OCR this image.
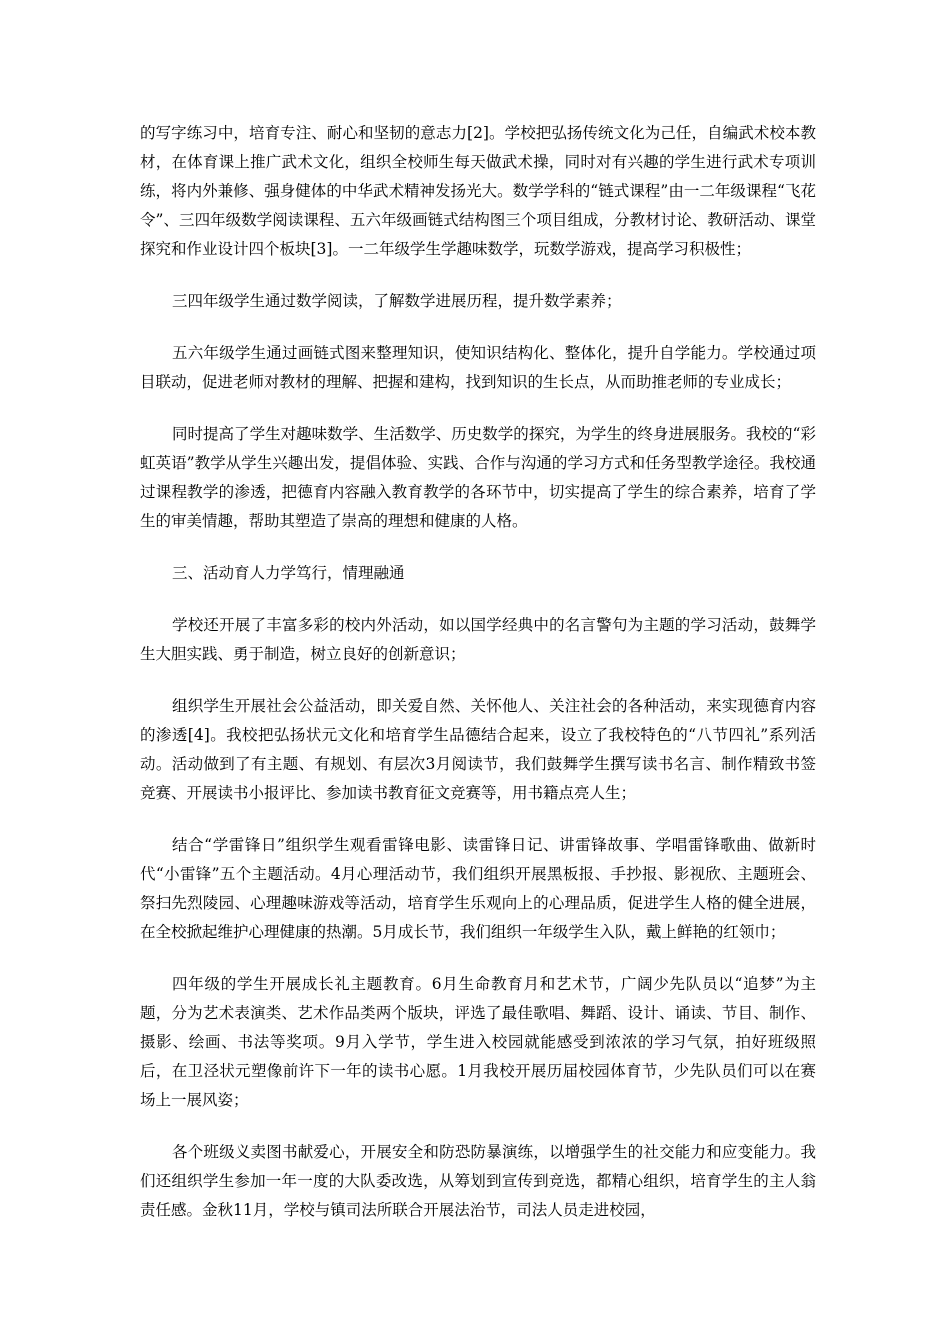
的写字练习中，培育专注、耐心和坚韧的意志力[2]。学校把弘扬传统文化为己任，自编武术校本教材，在体育课上推广武术文化，组织全校师生每天做武术操，同时对有兴趣的学生进行武术专项训练，将内外兼修、强身健体的中华武术精神发扬光大。数学学科的“链式课程”由一二年级课程“飞花令”、三四年级数学阅读课程、五六年级画链式结构图三个项目组成，分教材讨论、教研活动、课堂探究和作业设计四个板块[3]。一二年级学生学趣味数学，玩数学游戏，提高学习积极性；

三四年级学生通过数学阅读，了解数学进展历程，提升数学素养；

五六年级学生通过画链式图来整理知识，使知识结构化、整体化，提升自学能力。学校通过项目联动，促进老师对教材的理解、把握和建构，找到知识的生长点，从而助推老师的专业成长；

同时提高了学生对趣味数学、生活数学、历史数学的探究，为学生的终身进展服务。我校的“彩虹英语”教学从学生兴趣出发，提倡体验、实践、合作与沟通的学习方式和任务型教学途径。我校通过课程教学的渗透，把德育内容融入教育教学的各环节中，切实提高了学生的综合素养，培育了学生的审美情趣，帮助其塑造了崇高的理想和健康的人格。

三、活动育人力学笃行，情理融通

学校还开展了丰富多彩的校内外活动，如以国学经典中的名言警句为主题的学习活动，鼓舞学生大胆实践、勇于制造，树立良好的创新意识；

组织学生开展社会公益活动，即关爱自然、关怀他人、关注社会的各种活动，来实现德育内容的渗透[4]。我校把弘扬状元文化和培育学生品德结合起来，设立了我校特色的“八节四礼”系列活动。活动做到了有主题、有规划、有层次3月阅读节，我们鼓舞学生撰写读书名言、制作精致书签竞赛、开展读书小报评比、参加读书教育征文竞赛等，用书籍点亮人生；

结合“学雷锋日”组织学生观看雷锋电影、读雷锋日记、讲雷锋故事、学唱雷锋歌曲、做新时代“小雷锋”五个主题活动。4月心理活动节，我们组织开展黑板报、手抄报、影视欣、主题班会、祭扫先烈陵园、心理趣味游戏等活动，培育学生乐观向上的心理品质，促进学生人格的健全进展，在全校掀起维护心理健康的热潮。5月成长节，我们组织一年级学生入队，戴上鲜艳的红领巾；

四年级的学生开展成长礼主题教育。6月生命教育月和艺术节，广阔少先队员以“追梦”为主题，分为艺术表演类、艺术作品类两个版块，评选了最佳歌唱、舞蹈、设计、诵读、节目、制作、摄影、绘画、书法等奖项。9月入学节，学生进入校园就能感受到浓浓的学习气氛，拍好班级照后，在卫泾状元塑像前许下一年的读书心愿。1月我校开展历届校园体育节，少先队员们可以在赛场上一展风姿；

各个班级义卖图书献爱心，开展安全和防恐防暴演练，以增强学生的社交能力和应变能力。我们还组织学生参加一年一度的大队委改选，从筹划到宣传到竞选，都精心组织，培育学生的主人翁责任感。金秋11月，学校与镇司法所联合开展法治节，司法人员走进校园，
